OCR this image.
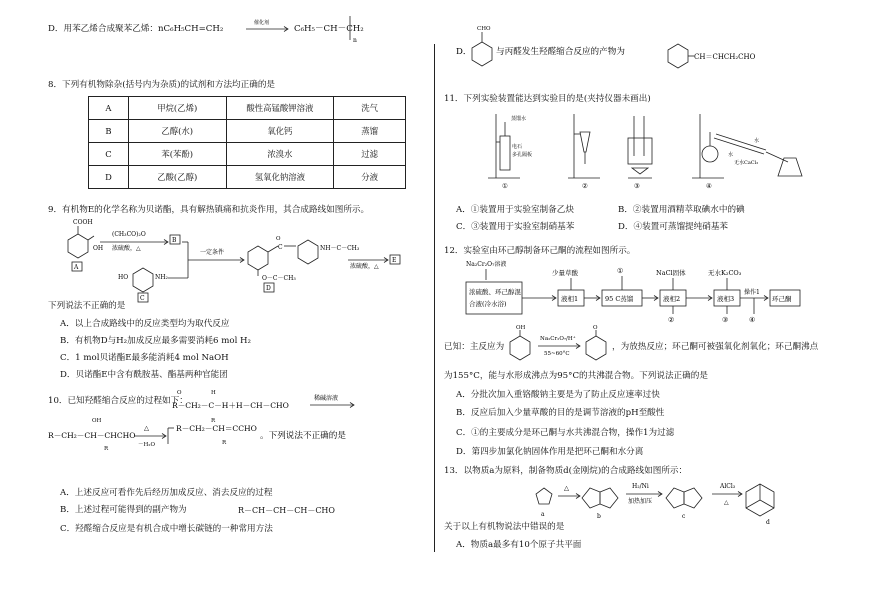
D．用苯乙烯合成聚苯乙烯：nC₆H₅CH=CH₂
催化剂
C₆H₅－CH－CH₂
n
8．下列有机物除杂(括号内为杂质)的试剂和方法均正确的是
A	甲烷(乙烯)	酸性高锰酸钾溶液	洗气
B	乙醇(水)	氧化钙	蒸馏
C	苯(苯酚)	浓溴水	过滤
D	乙酸(乙醇)	氢氧化钠溶液	分液
9．有机物E的化学名称为贝诺酯，具有解热镇痛和抗炎作用，其合成路线如图所示。
COOH
OH
A
(CH₃CO)₂O
浓硫酸，△
B
HO	NH₂
C
一定条件
O
C	NH－C－CH₃
O－C－CH₃
D
浓硫酸，△
E
下列说法不正确的是
A．以上合成路线中的反应类型均为取代反应
B．有机物D与H₂加成反应最多需要消耗6 mol H₂
C．1 mol贝诺酯E最多能消耗4 mol NaOH
D．贝诺酯E中含有酰胺基、酯基两种官能团
10．已知羟醛缩合反应的过程如下：
O	H
R－CH₂－C－H＋H－CH－CHO
R
稀碱溶液
OH
R－CH₂－CH－CHCHO
R
△
－H₂O
R－CH₂－CH＝CCHO
R
。下列说法不正确的是
A．上述反应可看作先后经历加成反应、消去反应的过程
B．上述过程可能得到的副产物为
C．羟醛缩合反应是有机合成中增长碳链的一种常用方法
R－CH－CH－CH－CHO
D．
CHO
与丙醛发生羟醛缩合反应的产物为	CH＝CHCH₂CHO
11．下列实验装置能达到实验目的是(夹持仪器未画出)
蒸馏水
电石
多孔隔板
①	②	③
水
水
无水CaCl₂
④
A．①装置用于实验室制备乙炔	B．②装置用酒精萃取碘水中的碘
C．③装置用于实验室制硝基苯	D．④装置可蒸馏提纯硝基苯
12．实验室由环己醇制备环己酮的流程如图所示。
Na₂Cr₂O₇溶液
浓硫酸、环己醇混
合液(冷水浴)
液相1
少量草酸
95 C蒸馏
①
液相2
NaCl固体
②
液相3
无水K₂CO₃
③
操作1
环己酮
④
已知：主反应为
OH
Na₂Cr₂O₇/H⁺
55~60°C
O
，为放热反应；环己酮可被强氧化剂氧化；环己酮沸点
为155°C，能与水形成沸点为95°C的共沸混合物。下列说法正确的是
A．分批次加入重铬酸钠主要是为了防止反应速率过快
B．反应后加入少量草酸的目的是调节溶液的pH至酸性
C．①的主要成分是环己酮与水共沸混合物，操作1为过滤
D．第四步加氯化钠固体作用是把环己酮和水分离
13．以物质a为原料，制备物质d(金刚烷)的合成路线如图所示：
a
△
b
H₂/Ni
加热加压
c
AlCl₃
△
d
关于以上有机物说法中错误的是
A．物质a最多有10个原子共平面
